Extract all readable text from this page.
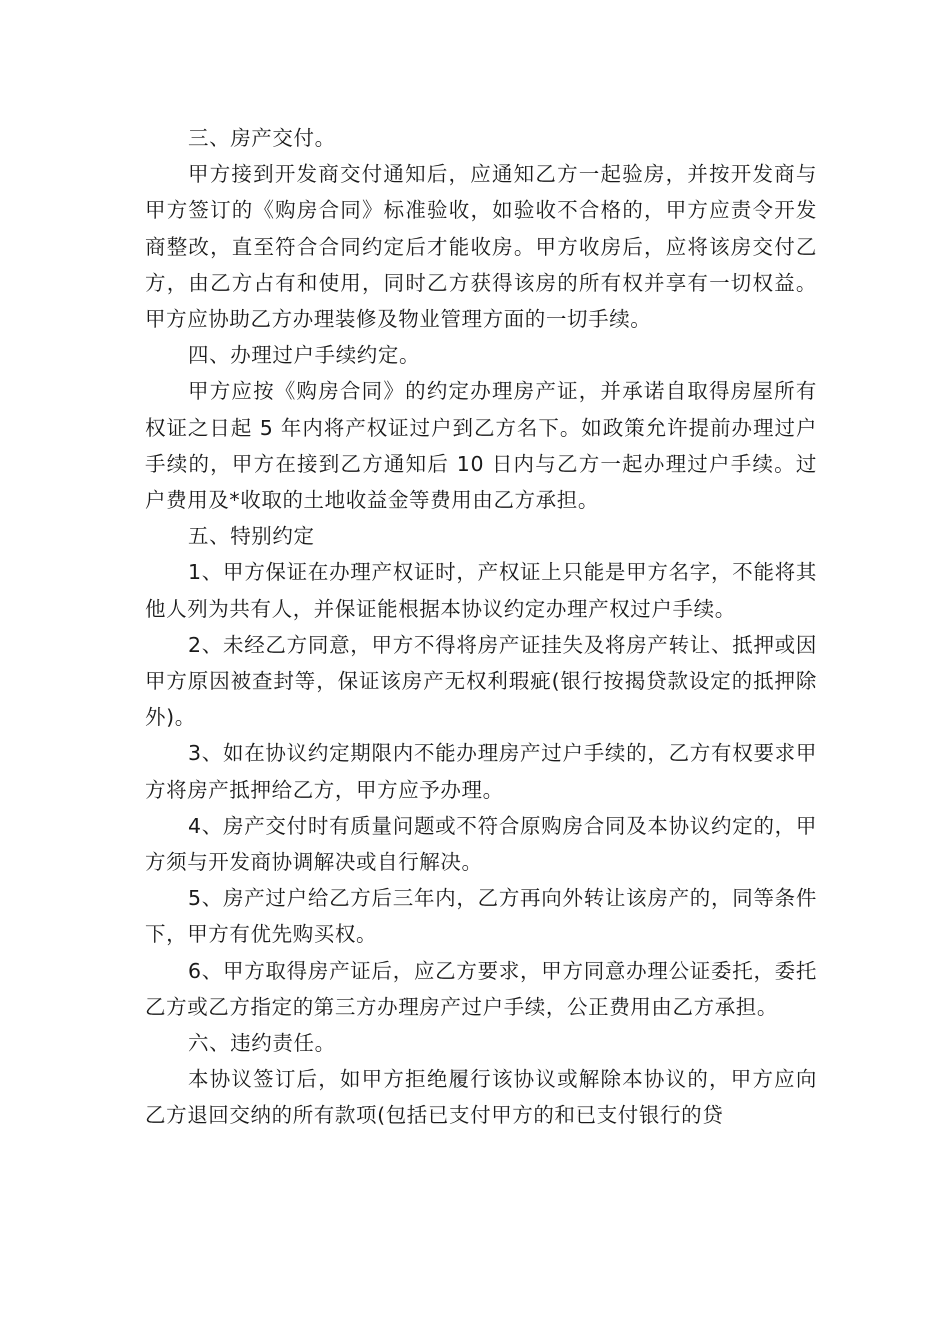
三、房产交付。

甲方接到开发商交付通知后，应通知乙方一起验房，并按开发商与甲方签订的《购房合同》标准验收，如验收不合格的，甲方应责令开发商整改，直至符合合同约定后才能收房。甲方收房后，应将该房交付乙方，由乙方占有和使用，同时乙方获得该房的所有权并享有一切权益。甲方应协助乙方办理装修及物业管理方面的一切手续。

四、办理过户手续约定。

甲方应按《购房合同》的约定办理房产证，并承诺自取得房屋所有权证之日起 5 年内将产权证过户到乙方名下。如政策允许提前办理过户手续的，甲方在接到乙方通知后 10 日内与乙方一起办理过户手续。过户费用及*收取的土地收益金等费用由乙方承担。

五、特别约定

1、甲方保证在办理产权证时，产权证上只能是甲方名字，不能将其他人列为共有人，并保证能根据本协议约定办理产权过户手续。

2、未经乙方同意，甲方不得将房产证挂失及将房产转让、抵押或因甲方原因被查封等，保证该房产无权利瑕疵(银行按揭贷款设定的抵押除外)。

3、如在协议约定期限内不能办理房产过户手续的，乙方有权要求甲方将房产抵押给乙方，甲方应予办理。

4、房产交付时有质量问题或不符合原购房合同及本协议约定的，甲方须与开发商协调解决或自行解决。

5、房产过户给乙方后三年内，乙方再向外转让该房产的，同等条件下，甲方有优先购买权。

6、甲方取得房产证后，应乙方要求，甲方同意办理公证委托，委托乙方或乙方指定的第三方办理房产过户手续，公正费用由乙方承担。

六、违约责任。

本协议签订后，如甲方拒绝履行该协议或解除本协议的，甲方应向乙方退回交纳的所有款项(包括已支付甲方的和已支付银行的贷
